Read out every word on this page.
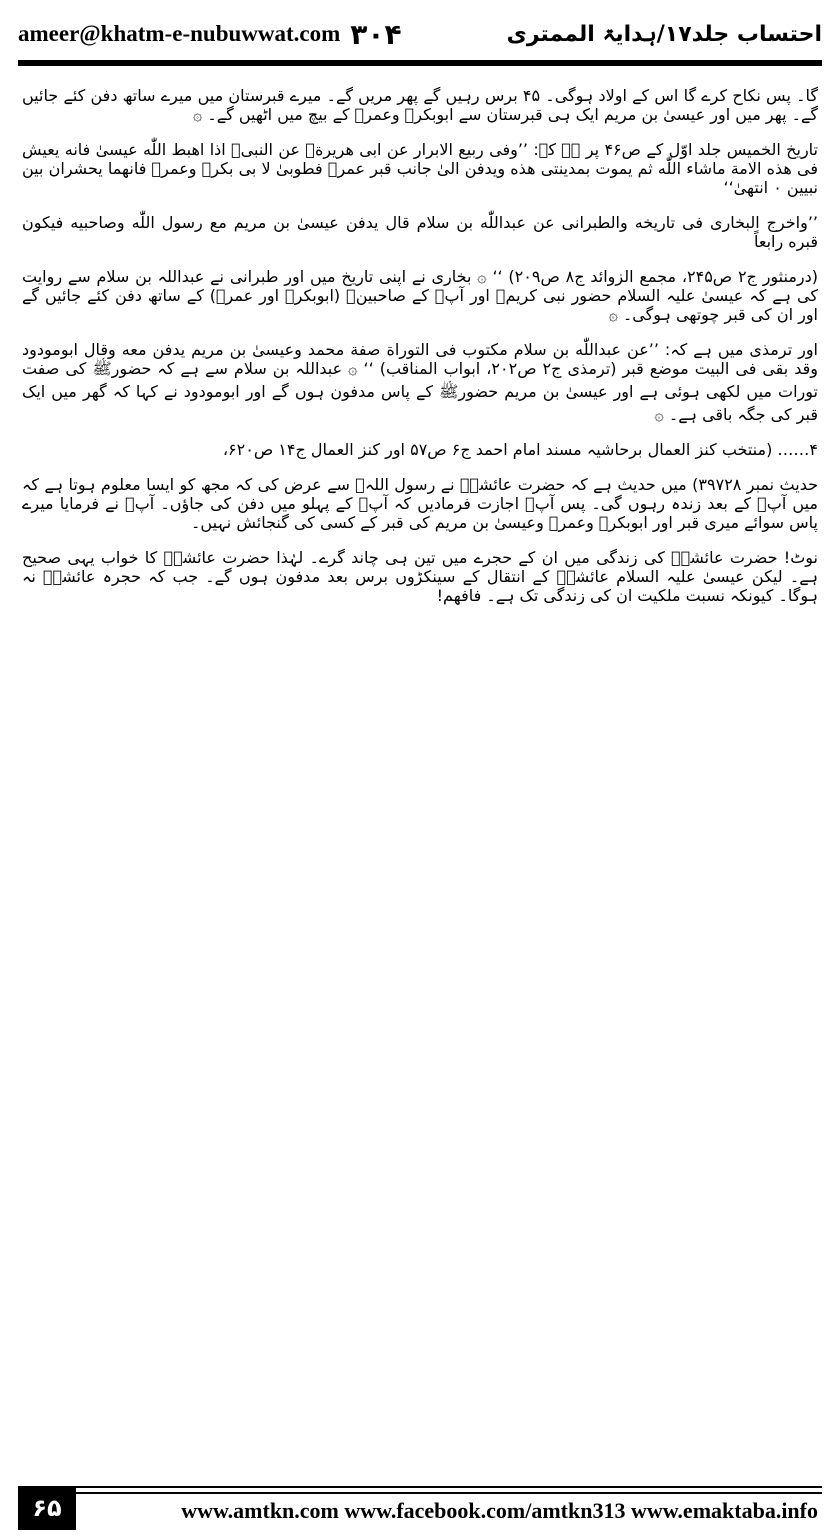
ameer@khatm-e-nubuwwat.com ۳۰۴	احتساب جلد۱۷/ہدایۃ الممتری

گا۔ پس نکاح کرے گا اس کے اولاد ہوگی۔ ۴۵ برس رہیں گے پھر مریں گے۔ میرے قبرستان میں میرے ساتھ دفن کئے جائیں گے۔ پھر میں اور عیسیٰ بن مریم ایک ہی قبرستان سے ابوبکرؓ وعمرؓ کے بیچ میں اٹھیں گے۔ ۞

تاریخ الخمیس جلد اوّل کے ص۴۶ پر ہے کہ: ’’وفی ربیع الابرار عن ابی هریرةؓ عن النبیﷺ اذا اهبط اللّٰه عیسیٰ فانه یعیش فی هذه الامة ماشاء اللّٰه ثم یموت بمدینتی هذه ویدفن الیٰ جانب قبر عمرؓ فطوبیٰ لا بی بکرؓ وعمرؓ فانهما یحشران بین نبیین ۰ انتهیٰ‘‘

’’واخرج البخاری فی تاریخه والطبرانی عن عبداللّٰه بن سلام قال یدفن عیسیٰ بن مریم مع رسول اللّٰه وصاحبیه فیکون قبره رابعاً

(درمنثور ج۲ ص۲۴۵، مجمع الزوائد ج۸ ص۲۰۹) ‘‘ ۞ بخاری نے اپنی تاریخ میں اور طبرانی نے عبداللہ بن سلام سے روایت کی ہے کہ عیسیٰ علیہ السلام حضور نبی کریمﷺ اور آپؐ کے صاحبینؓ (ابوبکرؓ اور عمرؓ) کے ساتھ دفن کئے جائیں گے اور ان کی قبر چوتھی ہوگی۔ ۞

اور ترمذی میں ہے کہ: ’’عن عبداللّٰه بن سلام مکتوب فی التوراة صفة محمد وعیسیٰ بن مریم یدفن معه وقال ابومودود وقد بقی فی البیت موضع قبر (ترمذی ج۲ ص۲۰۲، ابواب المناقب) ‘‘ ۞ عبداللہ بن سلام سے ہے کہ حضورﷺ کی صفت تورات میں لکھی ہوئی ہے اور عیسیٰ بن مریم حضورﷺ کے پاس مدفون ہوں گے اور ابومودود نے کہا کہ گھر میں ایک قبر کی جگہ باقی ہے۔ ۞

۴…… (منتخب کنز العمال برحاشیہ مسند امام احمد ج۶ ص۵۷ اور کنز العمال ج۱۴ ص۶۲۰،

حدیث نمبر ۳۹۷۲۸) میں حدیث ہے کہ حضرت عائشہؓ نے رسول اللہﷺ سے عرض کی کہ مجھ کو ایسا معلوم ہوتا ہے کہ میں آپؐ کے بعد زندہ رہوں گی۔ پس آپؐ اجازت فرمادیں کہ آپؐ کے پہلو میں دفن کی جاؤں۔ آپﷺ نے فرمایا میرے پاس سوائے میری قبر اور ابوبکرؓ وعمرؓ وعیسیٰ بن مریم کی قبر کے کسی کی گنجائش نہیں۔

نوٹ! حضرت عائشہؓ کی زندگی میں ان کے حجرے میں تین ہی چاند گرے۔ لہٰذا حضرت عائشہؓ کا خواب یہی صحیح ہے۔ لیکن عیسیٰ علیہ السلام عائشہؓ کے انتقال کے سینکڑوں برس بعد مدفون ہوں گے۔ جب کہ حجرہ عائشہؓ نہ ہوگا۔ کیونکہ نسبت ملکیت ان کی زندگی تک ہے۔ فافهم!

۶۵	www.amtkn.com www.facebook.com/amtkn313 www.emaktaba.info
